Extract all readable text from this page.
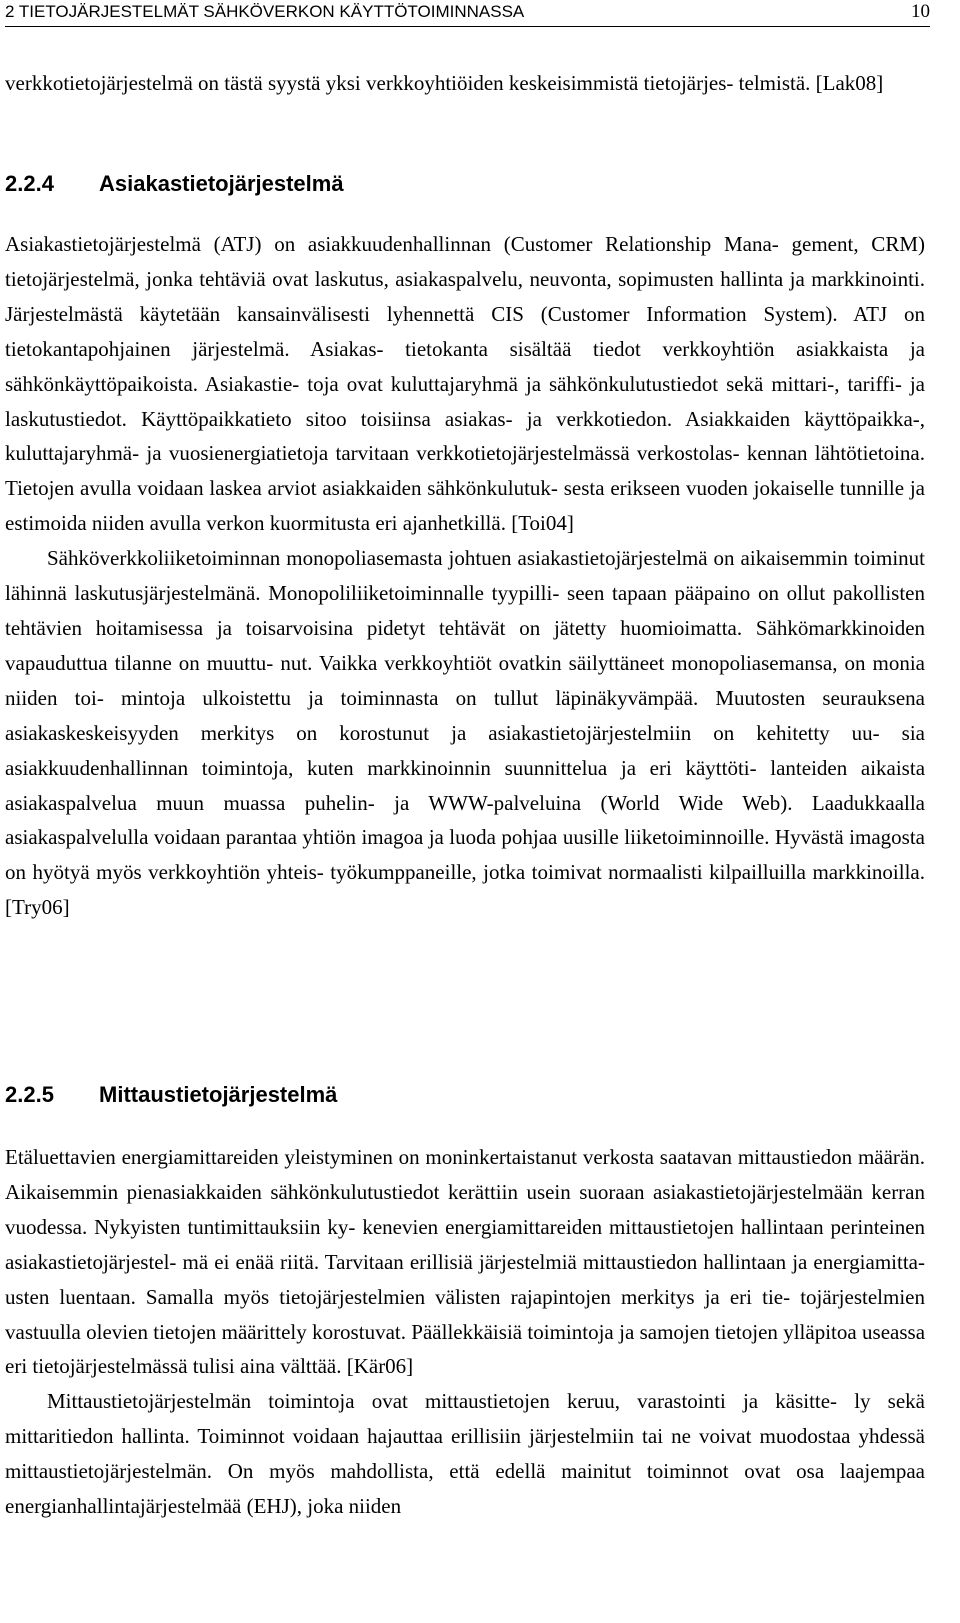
2 TIETOJÄRJESTELMÄT SÄHKÖVERKON KÄYTTÖTOIMINNASSA	10

verkkotietojärjestelmä on tästä syystä yksi verkkoyhtiöiden keskeisimmistä tietojärjes- telmistä. [Lak08]

2.2.4	Asiakastietojärjestelmä

Asiakastietojärjestelmä (ATJ) on asiakkuudenhallinnan (Customer Relationship Mana- gement, CRM) tietojärjestelmä, jonka tehtäviä ovat laskutus, asiakaspalvelu, neuvonta, sopimusten hallinta ja markkinointi. Järjestelmästä käytetään kansainvälisesti lyhennettä CIS (Customer Information System). ATJ on tietokantapohjainen järjestelmä. Asiakas- tietokanta sisältää tiedot verkkoyhtiön asiakkaista ja sähkönkäyttöpaikoista. Asiakastie- toja ovat kuluttajaryhmä ja sähkönkulutustiedot sekä mittari-, tariffi- ja laskutustiedot. Käyttöpaikkatieto sitoo toisiinsa asiakas- ja verkkotiedon. Asiakkaiden käyttöpaikka-, kuluttajaryhmä- ja vuosienergiatietoja tarvitaan verkkotietojärjestelmässä verkostolas- kennan lähtötietoina. Tietojen avulla voidaan laskea arviot asiakkaiden sähkönkulutuk- sesta erikseen vuoden jokaiselle tunnille ja estimoida niiden avulla verkon kuormitusta eri ajanhetkillä. [Toi04]

Sähköverkkoliiketoiminnan monopoliasemasta johtuen asiakastietojärjestelmä on aikaisemmin toiminut lähinnä laskutusjärjestelmänä. Monopoliliiketoiminnalle tyypilli- seen tapaan pääpaino on ollut pakollisten tehtävien hoitamisessa ja toisarvoisina pidetyt tehtävät on jätetty huomioimatta. Sähkömarkkinoiden vapauduttua tilanne on muuttu- nut. Vaikka verkkoyhtiöt ovatkin säilyttäneet monopoliasemansa, on monia niiden toi- mintoja ulkoistettu ja toiminnasta on tullut läpinäkyvämpää. Muutosten seurauksena asiakaskeskeisyyden merkitys on korostunut ja asiakastietojärjestelmiin on kehitetty uu- sia asiakkuudenhallinnan toimintoja, kuten markkinoinnin suunnittelua ja eri käyttöti- lanteiden aikaista asiakaspalvelua muun muassa puhelin- ja WWW-palveluina (World Wide Web). Laadukkaalla asiakaspalvelulla voidaan parantaa yhtiön imagoa ja luoda pohjaa uusille liiketoiminnoille. Hyvästä imagosta on hyötyä myös verkkoyhtiön yhteis- työkumppaneille, jotka toimivat normaalisti kilpailluilla markkinoilla. [Try06]

2.2.5	Mittaustietojärjestelmä

Etäluettavien energiamittareiden yleistyminen on moninkertaistanut verkosta saatavan mittaustiedon määrän. Aikaisemmin pienasiakkaiden sähkönkulutustiedot kerättiin usein suoraan asiakastietojärjestelmään kerran vuodessa. Nykyisten tuntimittauksiin ky- kenevien energiamittareiden mittaustietojen hallintaan perinteinen asiakastietojärjestel- mä ei enää riitä. Tarvitaan erillisiä järjestelmiä mittaustiedon hallintaan ja energiamitta- usten luentaan. Samalla myös tietojärjestelmien välisten rajapintojen merkitys ja eri tie- tojärjestelmien vastuulla olevien tietojen määrittely korostuvat. Päällekkäisiä toimintoja ja samojen tietojen ylläpitoa useassa eri tietojärjestelmässä tulisi aina välttää. [Kär06]

Mittaustietojärjestelmän toimintoja ovat mittaustietojen keruu, varastointi ja käsitte- ly sekä mittaritiedon hallinta. Toiminnot voidaan hajauttaa erillisiin järjestelmiin tai ne voivat muodostaa yhdessä mittaustietojärjestelmän. On myös mahdollista, että edellä mainitut toiminnot ovat osa laajempaa energianhallintajärjestelmää (EHJ), joka niiden
